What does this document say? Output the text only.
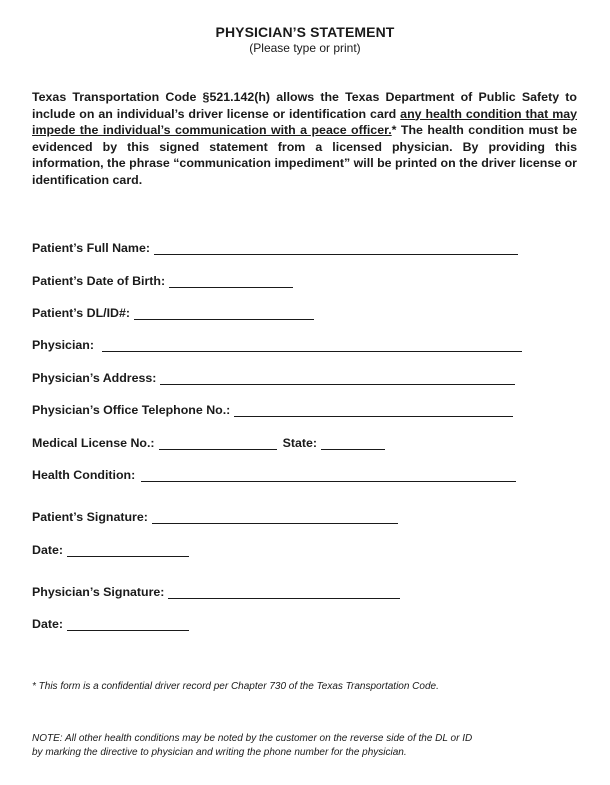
PHYSICIAN’S STATEMENT
(Please type or print)
Texas Transportation Code §521.142(h) allows the Texas Department of Public Safety to include on an individual’s driver license or identification card any health condition that may impede the individual’s communication with a peace officer.* The health condition must be evidenced by this signed statement from a licensed physician. By providing this information, the phrase “communication impediment” will be printed on the driver license or identification card.
Patient’s Full Name:
Patient’s Date of Birth:
Patient’s DL/ID#:
Physician:
Physician’s Address:
Physician’s Office Telephone No.:
Medical License No.:	State:
Health Condition:
Patient’s Signature:
Date:
Physician’s Signature:
Date:
* This form is a confidential driver record per Chapter 730 of the Texas Transportation Code.
NOTE: All other health conditions may be noted by the customer on the reverse side of the DL or ID
by marking the directive to physician and writing the phone number for the physician.
